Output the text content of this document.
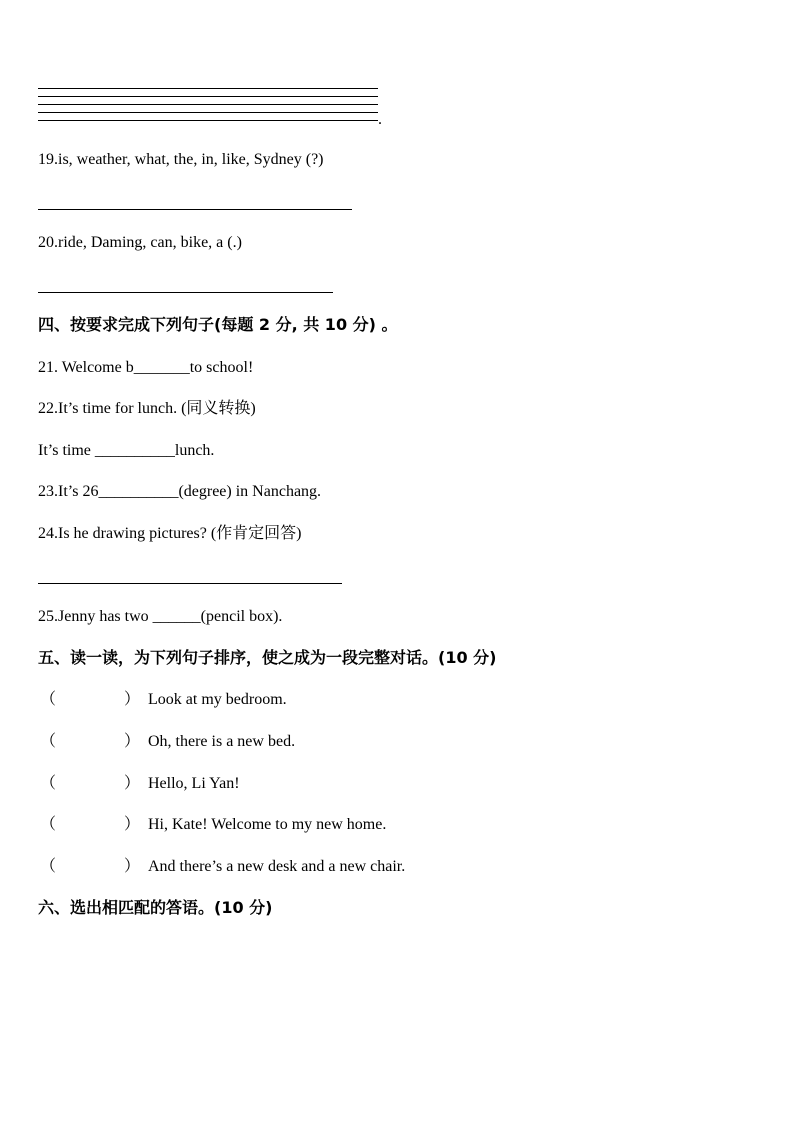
.
19.is, weather, what, the, in, like, Sydney (?)
20.ride, Daming, can, bike, a (.)
四、按要求完成下列句子(每题 2 分, 共 10 分) 。
21. Welcome b_______to school!
22.It’s time for lunch. (同义转换)
It’s time __________lunch.
23.It’s 26__________(degree) in Nanchang.
24.Is he drawing pictures? (作肯定回答)
25.Jenny has two ______(pencil box).
五、读一读，为下列句子排序，使之成为一段完整对话。(10 分)
（	） Look at my bedroom.
（	） Oh, there is a new bed.
（	） Hello, Li Yan!
（	） Hi, Kate! Welcome to my new home.
（	） And there’s a new desk and a new chair.
六、选出相匹配的答语。(10 分)
